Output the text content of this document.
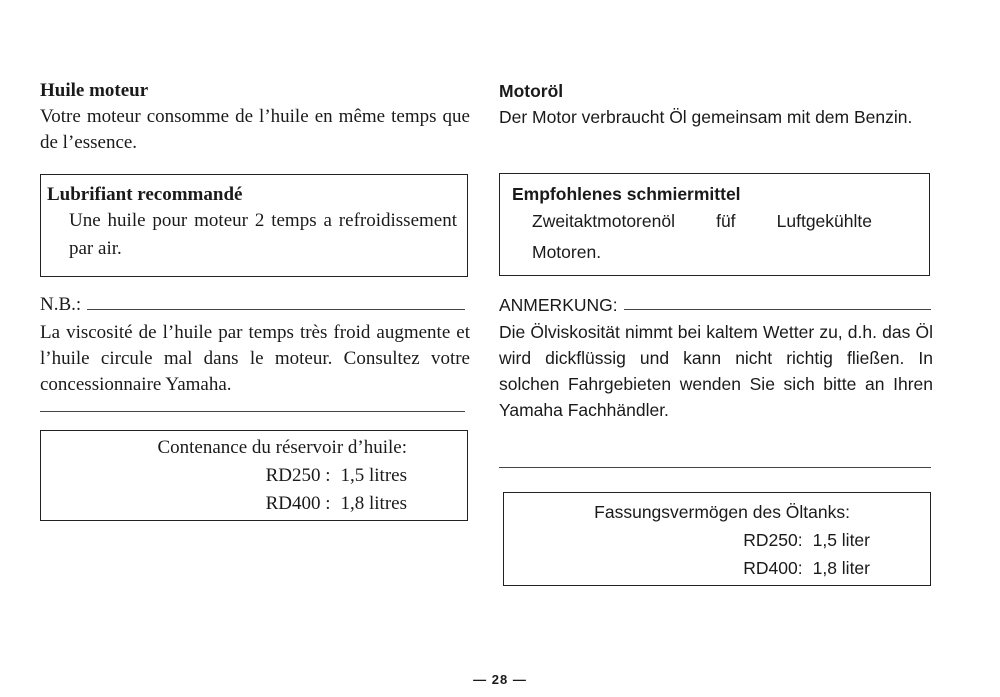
Huile moteur
Votre moteur consomme de l’huile en même temps que de l’essence.
Lubrifiant recommandé
Une huile pour moteur 2 temps a refroidissement par air.
N.B.:
La viscosité de l’huile par temps très froid augmente et l’huile circule mal dans le moteur. Consultez votre concessionnaire Yamaha.
Contenance du réservoir d’huile:
RD250 : 1,5 litres
RD400 : 1,8 litres
Motoröl
Der Motor verbraucht Öl gemeinsam mit dem Benzin.
Empfohlenes schmiermittel
Zweitaktmotorenöl füf Luftgekühlte Motoren.
ANMERKUNG:
Die Ölviskosität nimmt bei kaltem Wetter zu, d.h. das Öl wird dickflüssig und kann nicht richtig fließen. In solchen Fahrgebieten wenden Sie sich bitte an Ihren Yamaha Fachhändler.
Fassungsvermögen des Öltanks:
RD250: 1,5 liter
RD400: 1,8 liter
— 28 —
